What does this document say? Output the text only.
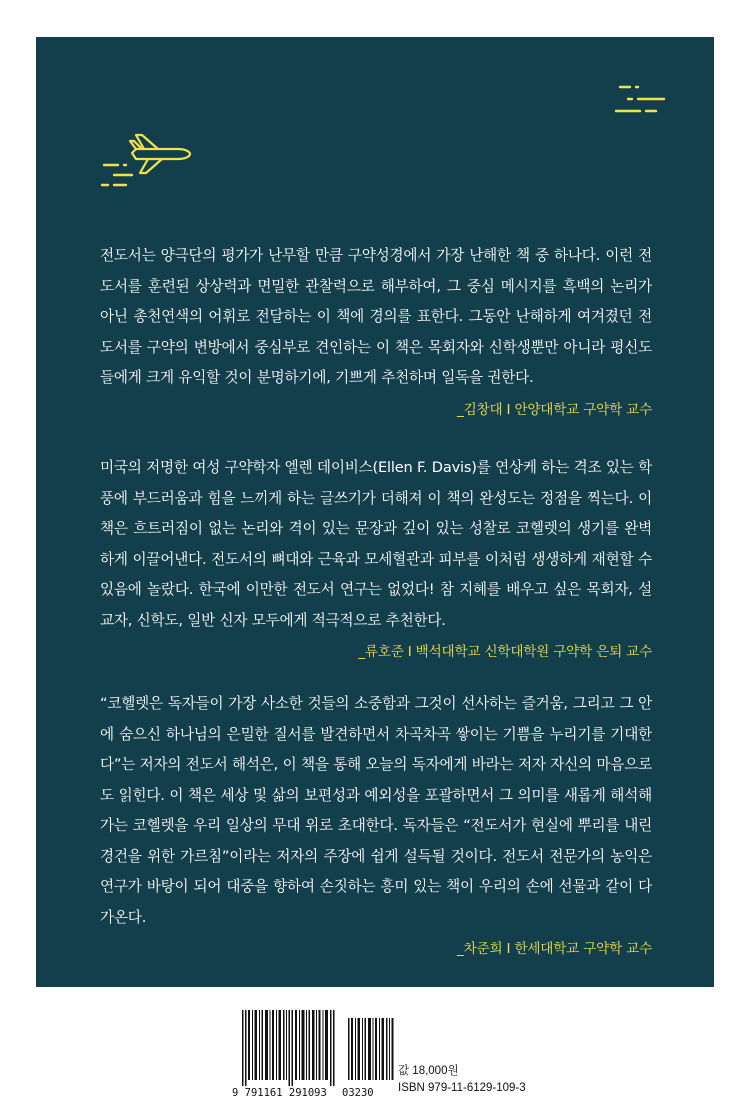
전도서는 양극단의 평가가 난무할 만큼 구약성경에서 가장 난해한 책 중 하나다. 이런 전도서를 훈련된 상상력과 면밀한 관찰력으로 해부하여, 그 중심 메시지를 흑백의 논리가 아닌 총천연색의 어휘로 전달하는 이 책에 경의를 표한다. 그동안 난해하게 여겨졌던 전도서를 구약의 변방에서 중심부로 견인하는 이 책은 목회자와 신학생뿐만 아니라 평신도들에게 크게 유익할 것이 분명하기에, 기쁘게 추천하며 일독을 권한다.

_김창대 I 안양대학교 구약학 교수

미국의 저명한 여성 구약학자 엘렌 데이비스(Ellen F. Davis)를 연상케 하는 격조 있는 학풍에 부드러움과 힘을 느끼게 하는 글쓰기가 더해져 이 책의 완성도는 정점을 찍는다. 이 책은 흐트러짐이 없는 논리와 격이 있는 문장과 깊이 있는 성찰로 코헬렛의 생기를 완벽하게 이끌어낸다. 전도서의 뼈대와 근육과 모세혈관과 피부를 이처럼 생생하게 재현할 수 있음에 놀랐다. 한국에 이만한 전도서 연구는 없었다! 참 지혜를 배우고 싶은 목회자, 설교자, 신학도, 일반 신자 모두에게 적극적으로 추천한다.

_류호준 I 백석대학교 신학대학원 구약학 은퇴 교수

“코헬렛은 독자들이 가장 사소한 것들의 소중함과 그것이 선사하는 즐거움, 그리고 그 안에 숨으신 하나님의 은밀한 질서를 발견하면서 차곡차곡 쌓이는 기쁨을 누리기를 기대한다”는 저자의 전도서 해석은, 이 책을 통해 오늘의 독자에게 바라는 저자 자신의 마음으로도 읽힌다. 이 책은 세상 및 삶의 보편성과 예외성을 포괄하면서 그 의미를 새롭게 해석해가는 코헬렛을 우리 일상의 무대 위로 초대한다. 독자들은 “전도서가 현실에 뿌리를 내린 경건을 위한 가르침”이라는 저자의 주장에 쉽게 설득될 것이다. 전도서 전문가의 농익은 연구가 바탕이 되어 대중을 향하여 손짓하는 흥미 있는 책이 우리의 손에 선물과 같이 다가온다.

_차준희 I 한세대학교 구약학 교수
9 791161 291093	03230
값 18,000원
ISBN 979-11-6129-109-3
